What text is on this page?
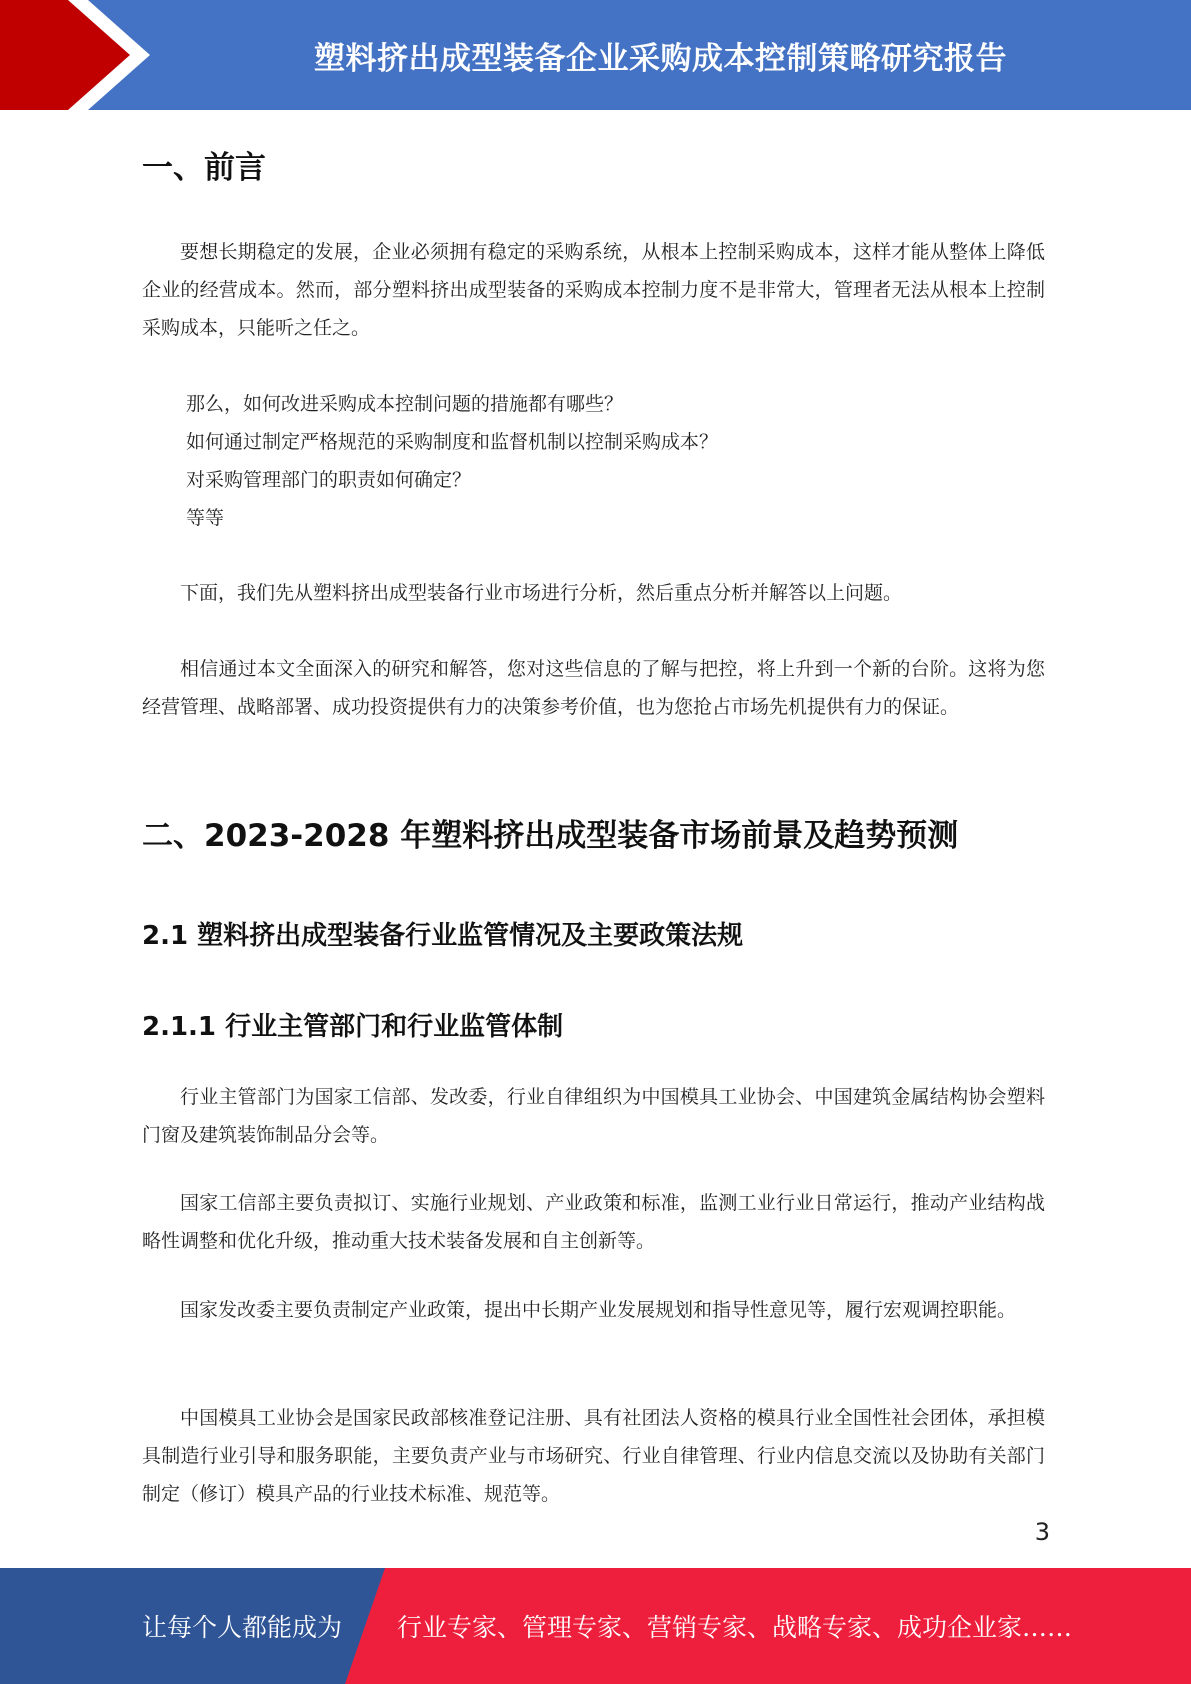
塑料挤出成型装备企业采购成本控制策略研究报告
一、前言

要想长期稳定的发展，企业必须拥有稳定的采购系统，从根本上控制采购成本，这样才能从整体上降低企业的经营成本。然而，部分塑料挤出成型装备的采购成本控制力度不是非常大，管理者无法从根本上控制采购成本，只能听之任之。

那么，如何改进采购成本控制问题的措施都有哪些？

如何通过制定严格规范的采购制度和监督机制以控制采购成本？

对采购管理部门的职责如何确定？

等等

下面，我们先从塑料挤出成型装备行业市场进行分析，然后重点分析并解答以上问题。

相信通过本文全面深入的研究和解答，您对这些信息的了解与把控，将上升到一个新的台阶。这将为您经营管理、战略部署、成功投资提供有力的决策参考价值，也为您抢占市场先机提供有力的保证。

二、2023-2028 年塑料挤出成型装备市场前景及趋势预测
2.1 塑料挤出成型装备行业监管情况及主要政策法规
2.1.1 行业主管部门和行业监管体制

行业主管部门为国家工信部、发改委，行业自律组织为中国模具工业协会、中国建筑金属结构协会塑料门窗及建筑装饰制品分会等。

国家工信部主要负责拟订、实施行业规划、产业政策和标准，监测工业行业日常运行，推动产业结构战略性调整和优化升级，推动重大技术装备发展和自主创新等。

国家发改委主要负责制定产业政策，提出中长期产业发展规划和指导性意见等，履行宏观调控职能。

中国模具工业协会是国家民政部核准登记注册、具有社团法人资格的模具行业全国性社会团体，承担模具制造行业引导和服务职能，主要负责产业与市场研究、行业自律管理、行业内信息交流以及协助有关部门制定（修订）模具产品的行业技术标准、规范等。

3
让每个人都能成为 行业专家、管理专家、营销专家、战略专家、成功企业家……
